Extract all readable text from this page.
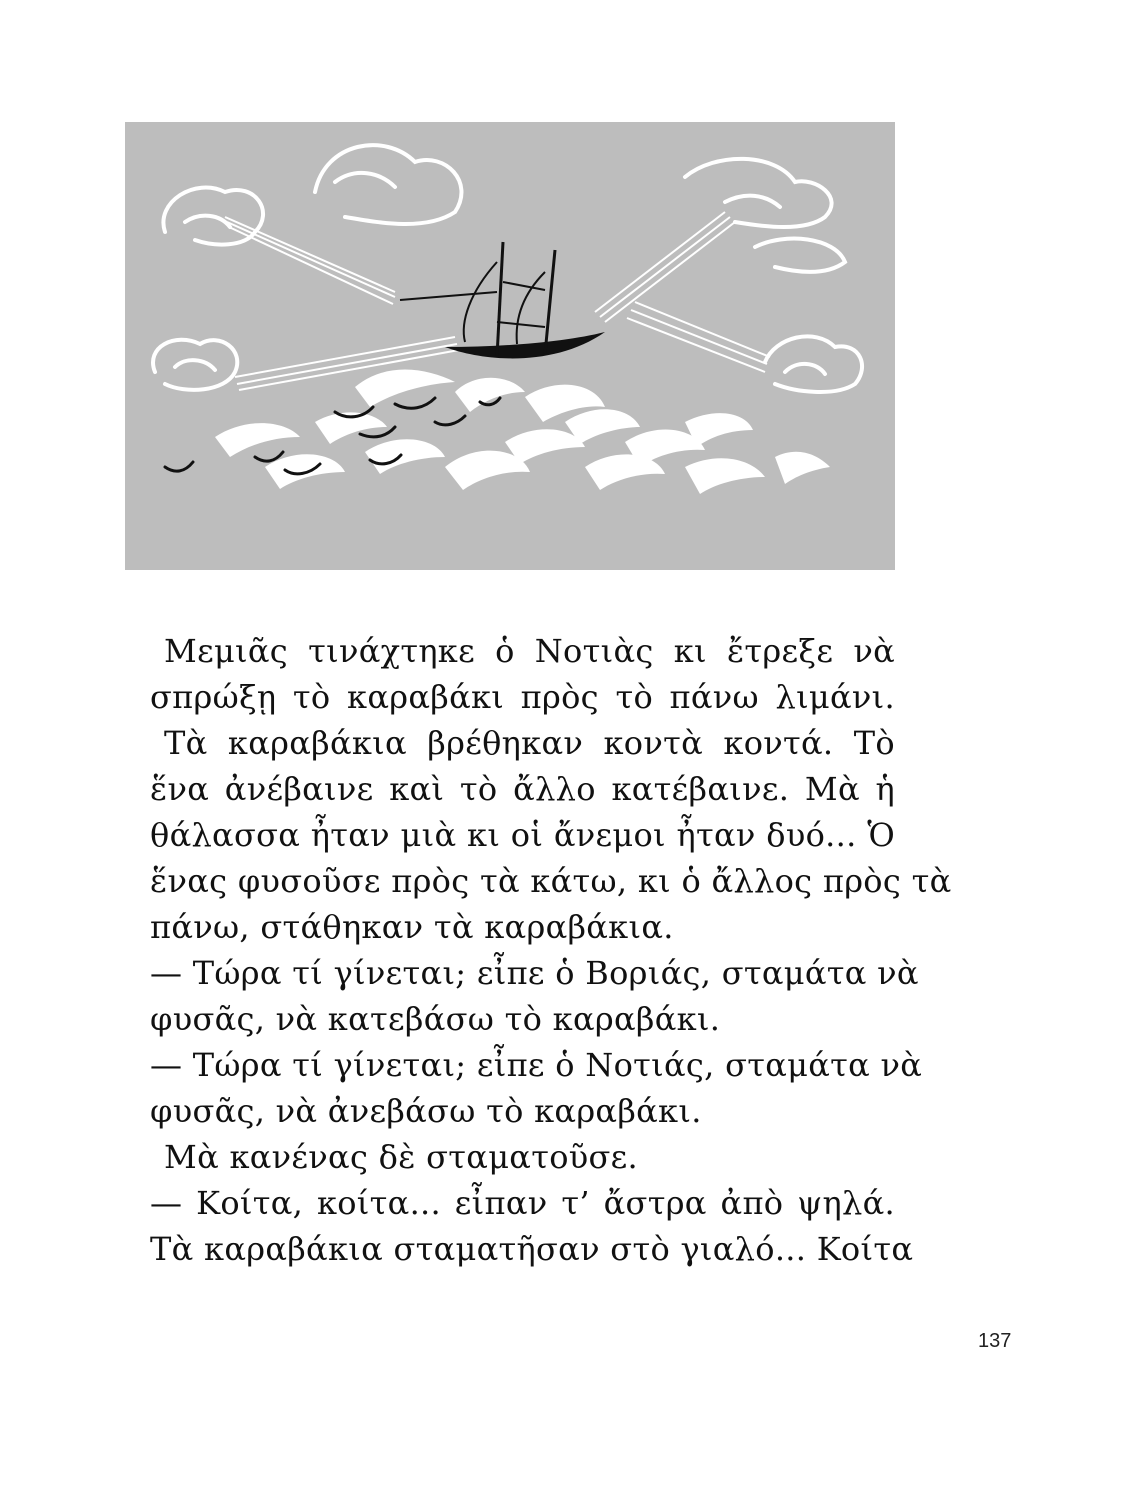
Μεμιᾶς τινάχτηκε ὁ Νοτιὰς κι ἔτρεξε νὰ
σπρώξῃ τὸ καραβάκι πρὸς τὸ πάνω λιμάνι.
Τὰ καραβάκια βρέθηκαν κοντὰ κοντά. Τὸ
ἕνα ἀνέβαινε καὶ τὸ ἄλλο κατέβαινε. Μὰ ἡ
θάλασσα ἦταν μιὰ κι οἱ ἄνεμοι ἦταν δυό... Ὁ
ἕνας φυσοῦσε πρὸς τὰ κάτω, κι ὁ ἄλλος πρὸς τὰ
πάνω, στάθηκαν τὰ καραβάκια.
— Τώρα τί γίνεται; εἶπε ὁ Βοριάς, σταμάτα νὰ
φυσᾶς, νὰ κατεβάσω τὸ καραβάκι.
— Τώρα τί γίνεται; εἶπε ὁ Νοτιάς, σταμάτα νὰ
φυσᾶς, νὰ ἀνεβάσω τὸ καραβάκι.
Μὰ κανένας δὲ σταματοῦσε.
— Κοίτα, κοίτα... εἶπαν τ’ ἄστρα ἀπὸ ψηλά.
Τὰ καραβάκια σταματῆσαν στὸ γιαλό... Κοίτα
137
